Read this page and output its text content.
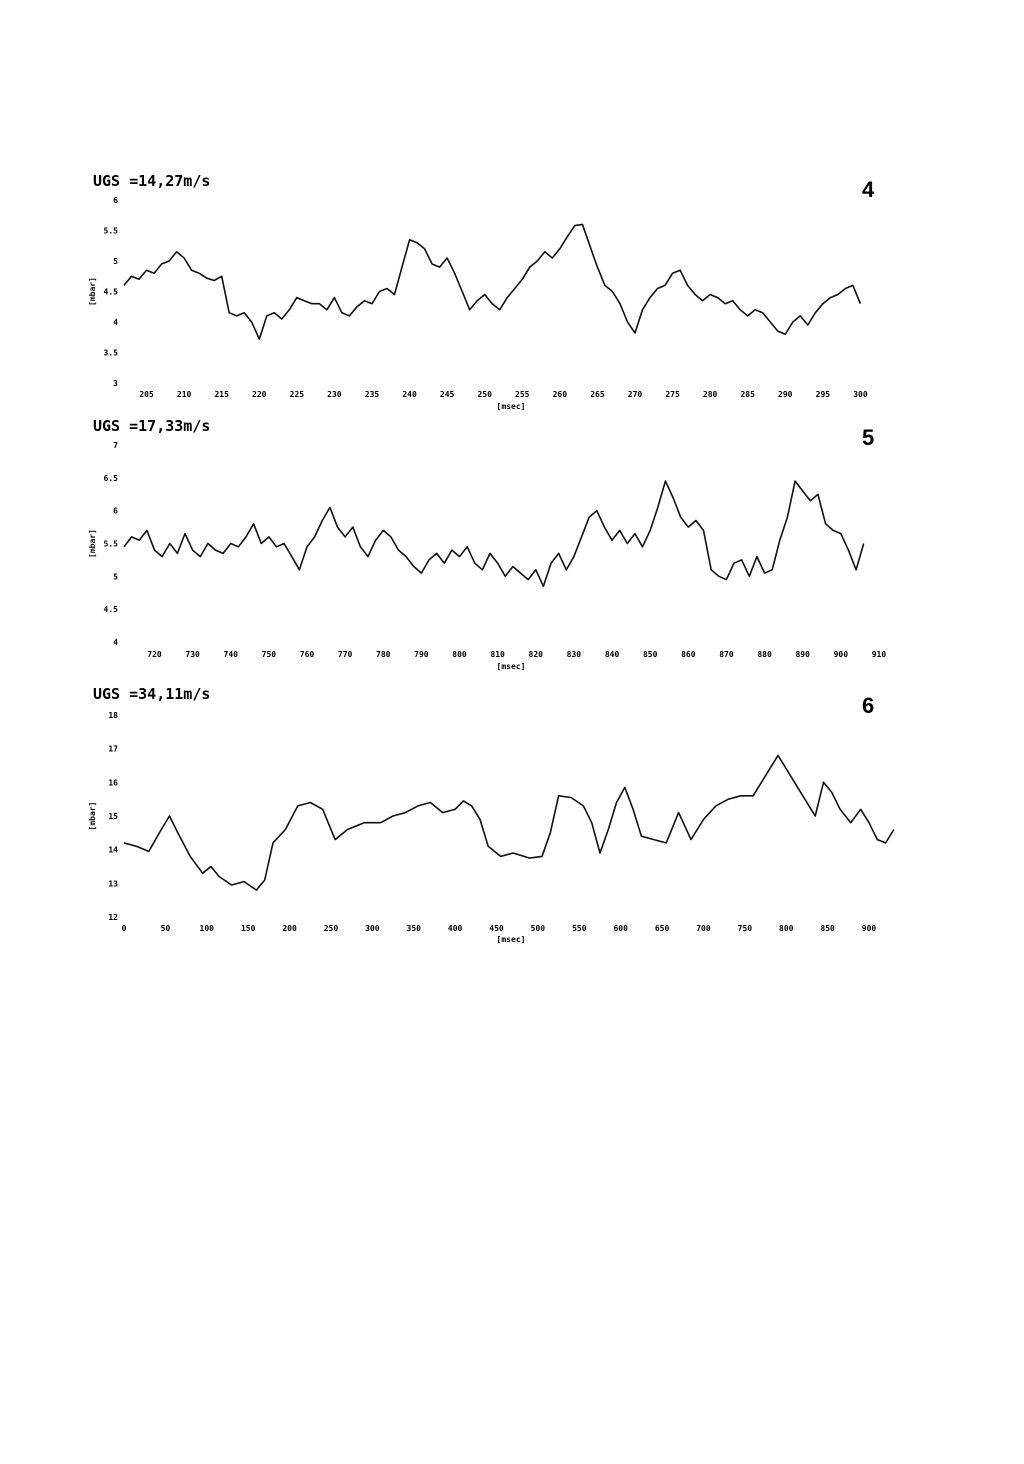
UGS =14,27m/s	4
3
3.5
4
4.5
5
5.5
6
205	210	215	220	225	230	235	240	245	250	255	260	265	270	275	280	285	290	295	300
[msec]
[mbar]
UGS =17,33m/s	5
4
4.5
5
5.5
6
6.5
7
720	730	740	750	760	770	780	790	800	810	820	830	840	850	860	870	880	890	900	910
[msec]
[mbar]
UGS =34,11m/s	6
12
13
14
15
16
17
18
0	50	100	150	200	250	300	350	400	450	500	550	600	650	700	750	800	850	900
[msec]
[mbar]
